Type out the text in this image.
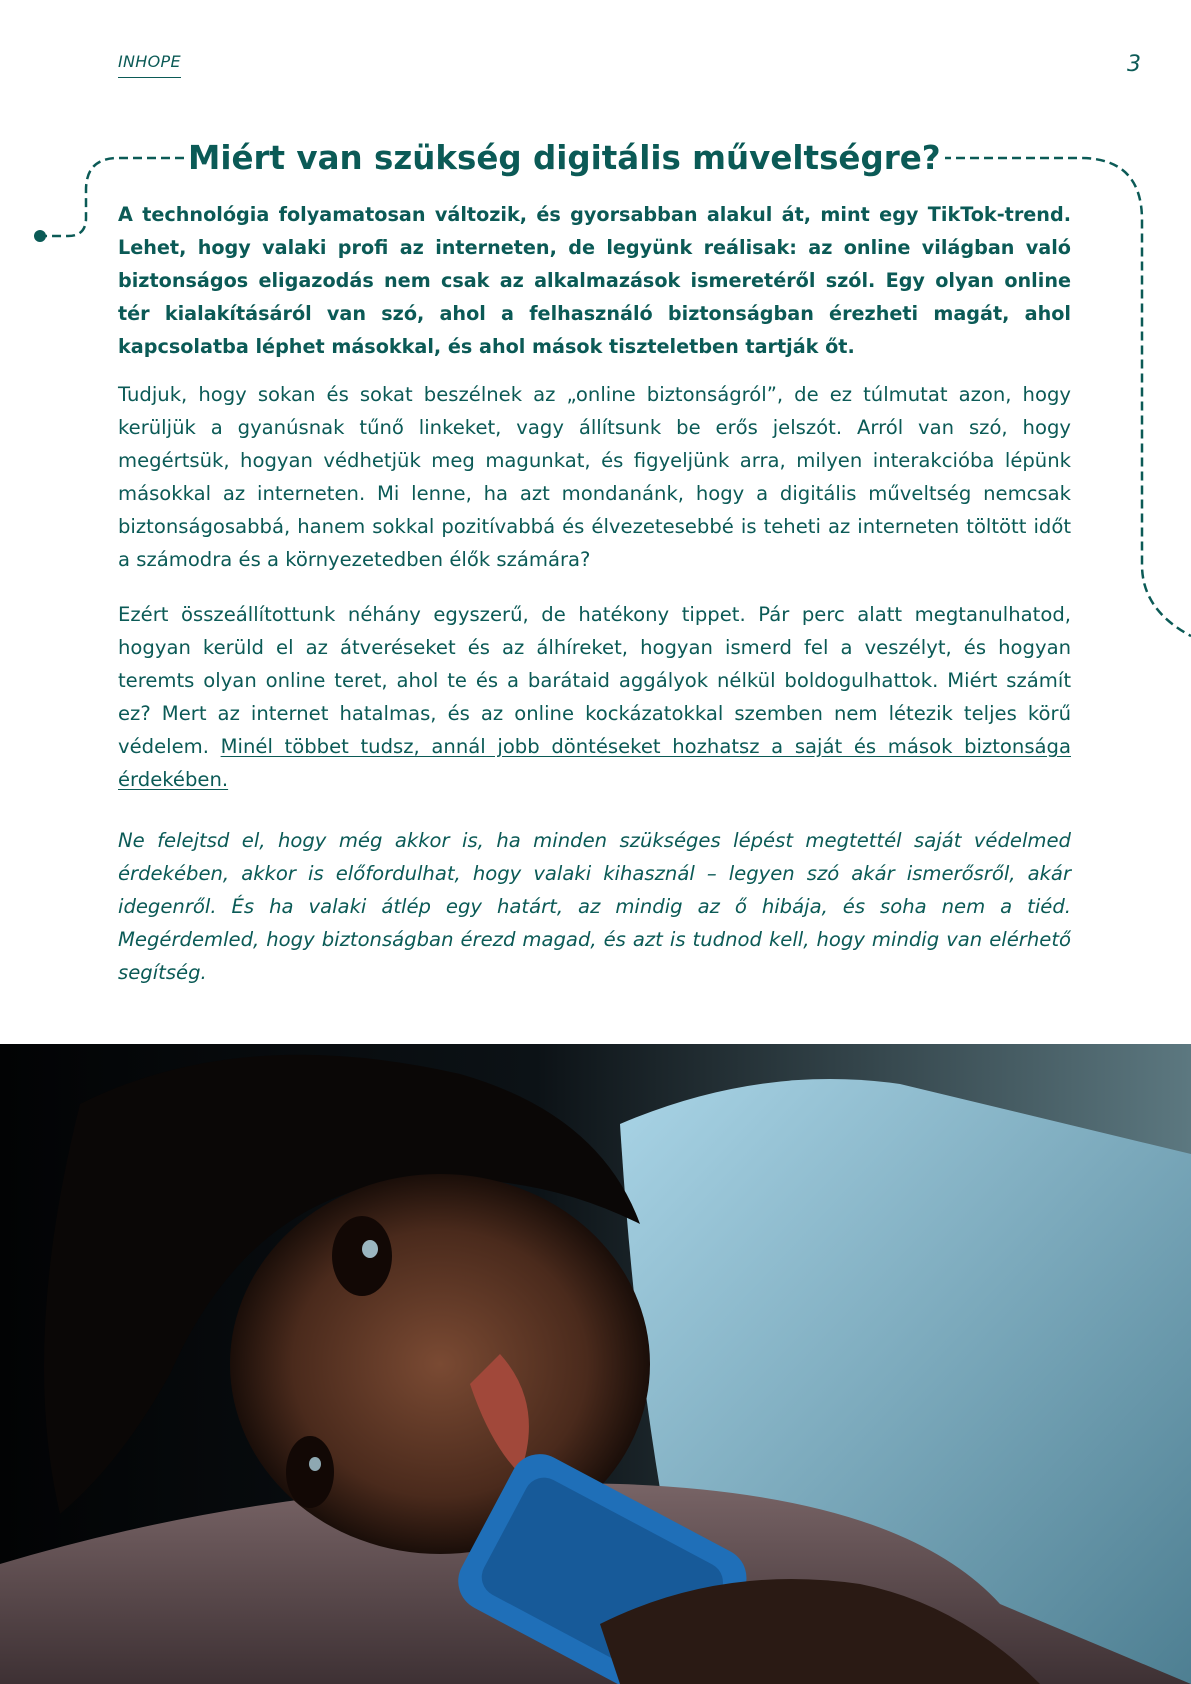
INHOPE	3
Miért van szükség digitális műveltségre?

A technológia folyamatosan változik, és gyorsabban alakul át, mint egy TikTok-trend. Lehet, hogy valaki profi az interneten, de legyünk reálisak: az online világban való biztonságos eligazodás nem csak az alkalmazások ismeretéről szól. Egy olyan online tér kialakításáról van szó, ahol a felhasználó biztonságban érezheti magát, ahol kapcsolatba léphet másokkal, és ahol mások tiszteletben tartják őt.

Tudjuk, hogy sokan és sokat beszélnek az „online biztonságról”, de ez túlmutat azon, hogy kerüljük a gyanúsnak tűnő linkeket, vagy állítsunk be erős jelszót. Arról van szó, hogy megértsük, hogyan védhetjük meg magunkat, és figyeljünk arra, milyen interakcióba lépünk másokkal az interneten. Mi lenne, ha azt mondanánk, hogy a digitális műveltség nemcsak biztonságosabbá, hanem sokkal pozitívabbá és élvezetesebbé is teheti az interneten töltött időt a számodra és a környezetedben élők számára?

Ezért összeállítottunk néhány egyszerű, de hatékony tippet. Pár perc alatt megtanulhatod, hogyan kerüld el az átveréseket és az álhíreket, hogyan ismerd fel a veszélyt, és hogyan teremts olyan online teret, ahol te és a barátaid aggályok nélkül boldogulhattok. Miért számít ez? Mert az internet hatalmas, és az online kockázatokkal szemben nem létezik teljes körű védelem. Minél többet tudsz, annál jobb döntéseket hozhatsz a saját és mások biztonsága érdekében.

Ne felejtsd el, hogy még akkor is, ha minden szükséges lépést megtettél saját védelmed érdekében, akkor is előfordulhat, hogy valaki kihasznál – legyen szó akár ismerősről, akár idegenről. És ha valaki átlép egy határt, az mindig az ő hibája, és soha nem a tiéd. Megérdemled, hogy biztonságban érezd magad, és azt is tudnod kell, hogy mindig van elérhető segítség.
